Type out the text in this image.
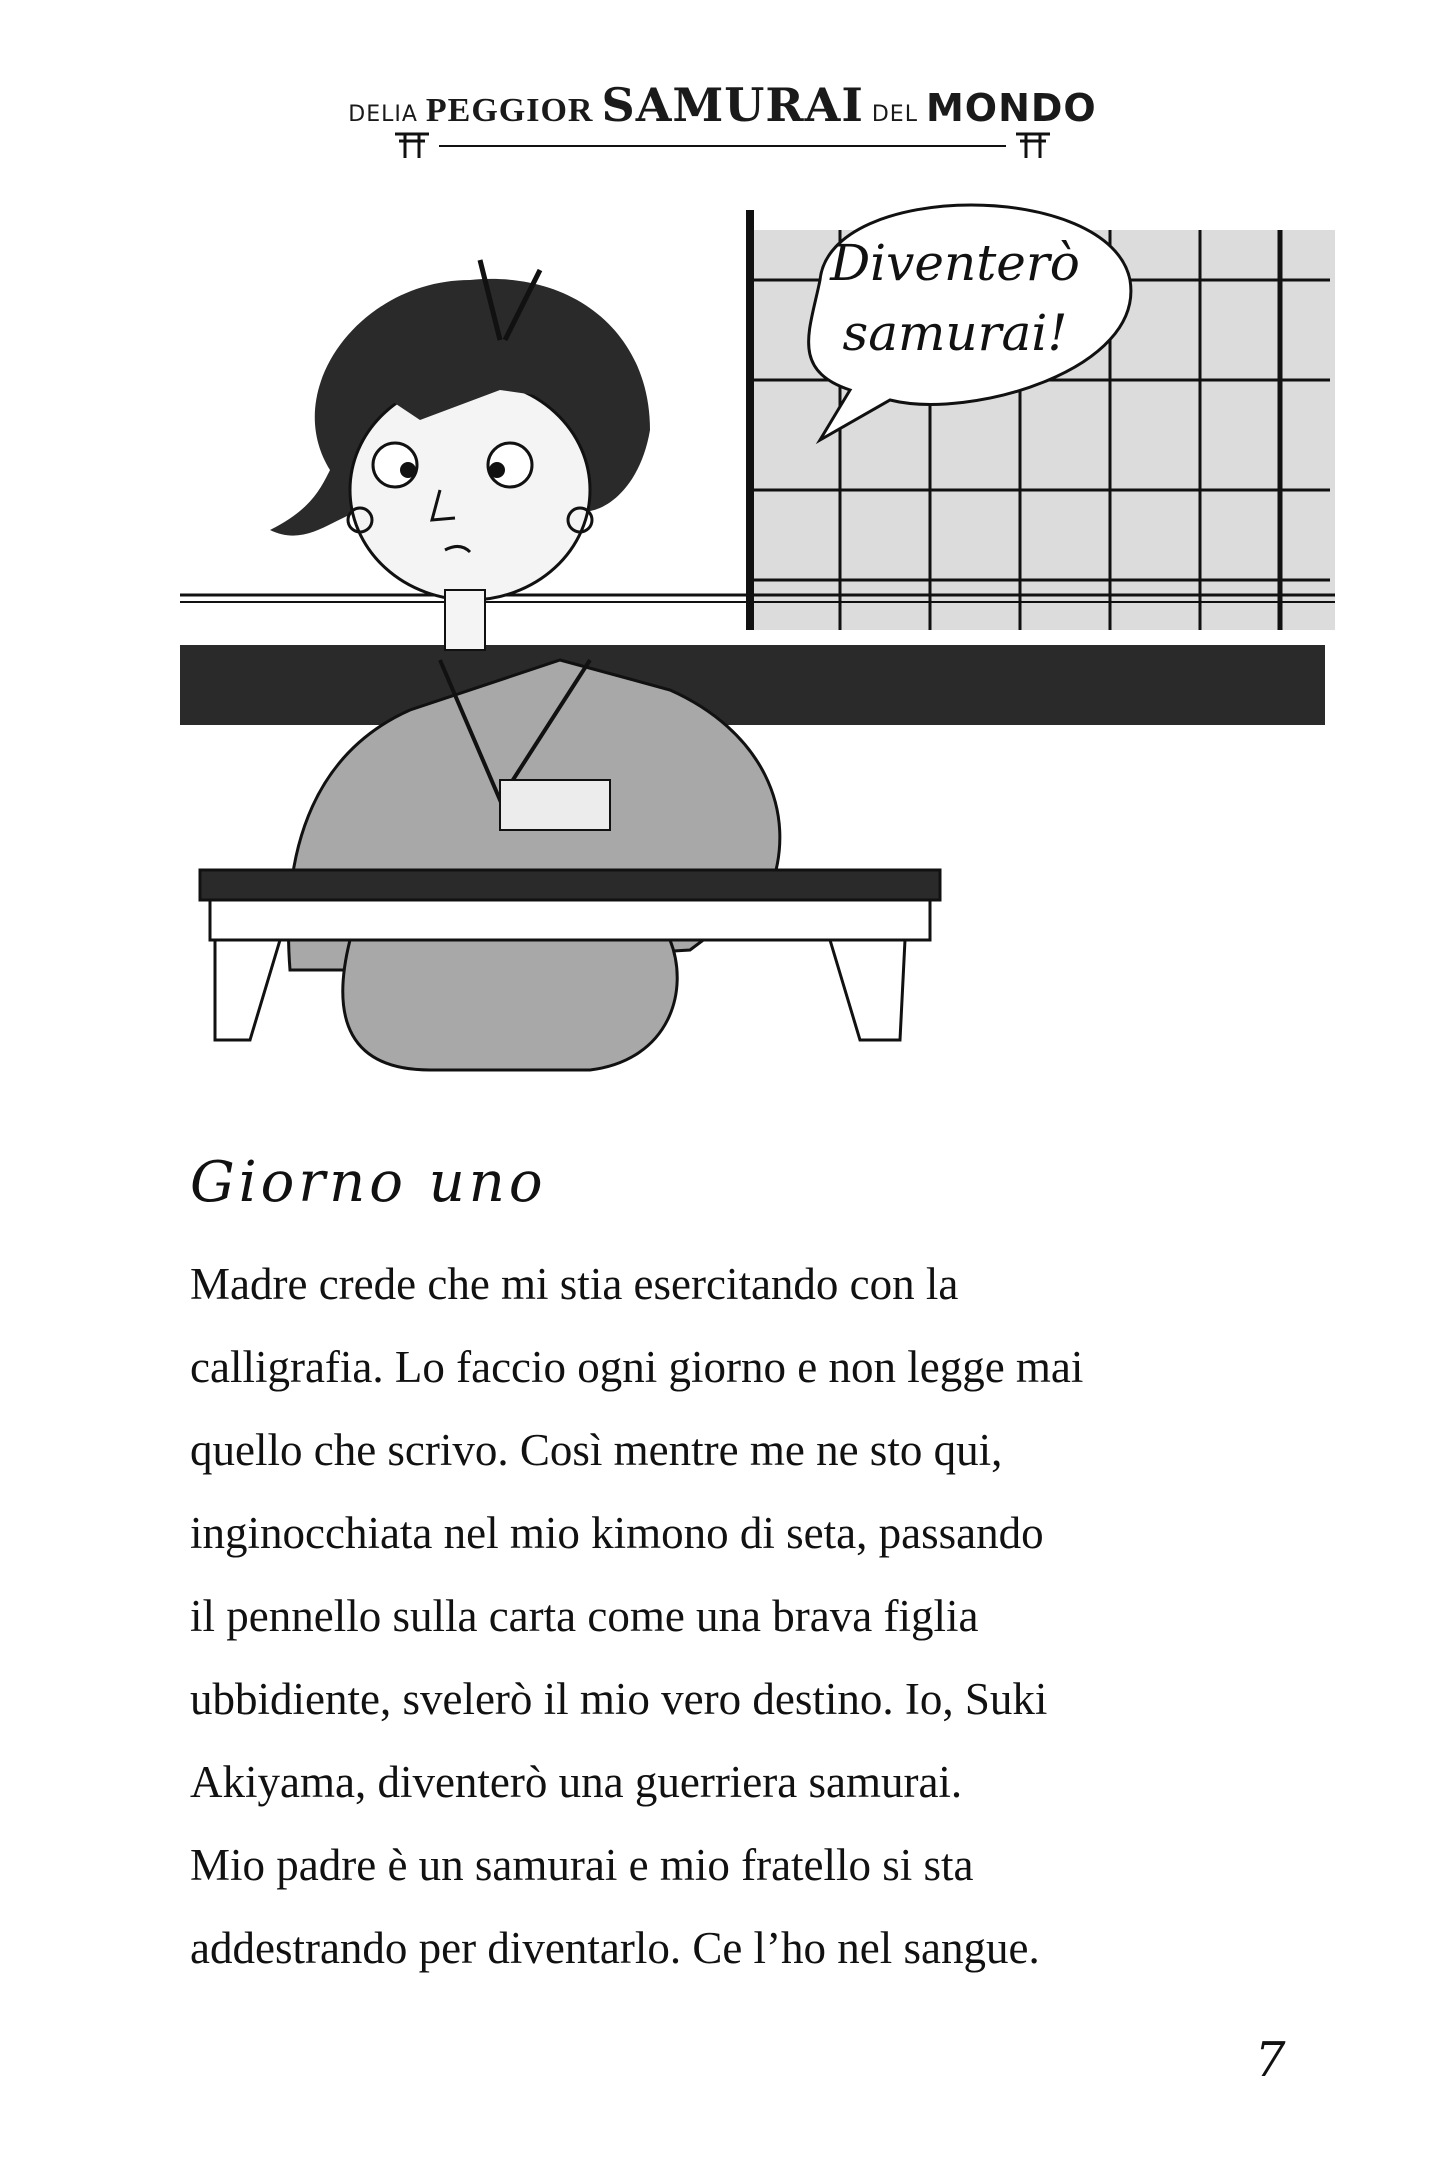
DELIA PEGGIOR SAMURAI DEL MONDO
Diventerò
samurai!
Giorno uno
Madre crede che mi stia esercitando con la
calligrafia. Lo faccio ogni giorno e non legge mai
quello che scrivo. Così mentre me ne sto qui,
inginocchiata nel mio kimono di seta, passando
il pennello sulla carta come una brava figlia
ubbidiente, svelerò il mio vero destino. Io, Suki
Akiyama, diventerò una guerriera samurai.
Mio padre è un samurai e mio fratello si sta
addestrando per diventarlo. Ce l’ho nel sangue.
7
